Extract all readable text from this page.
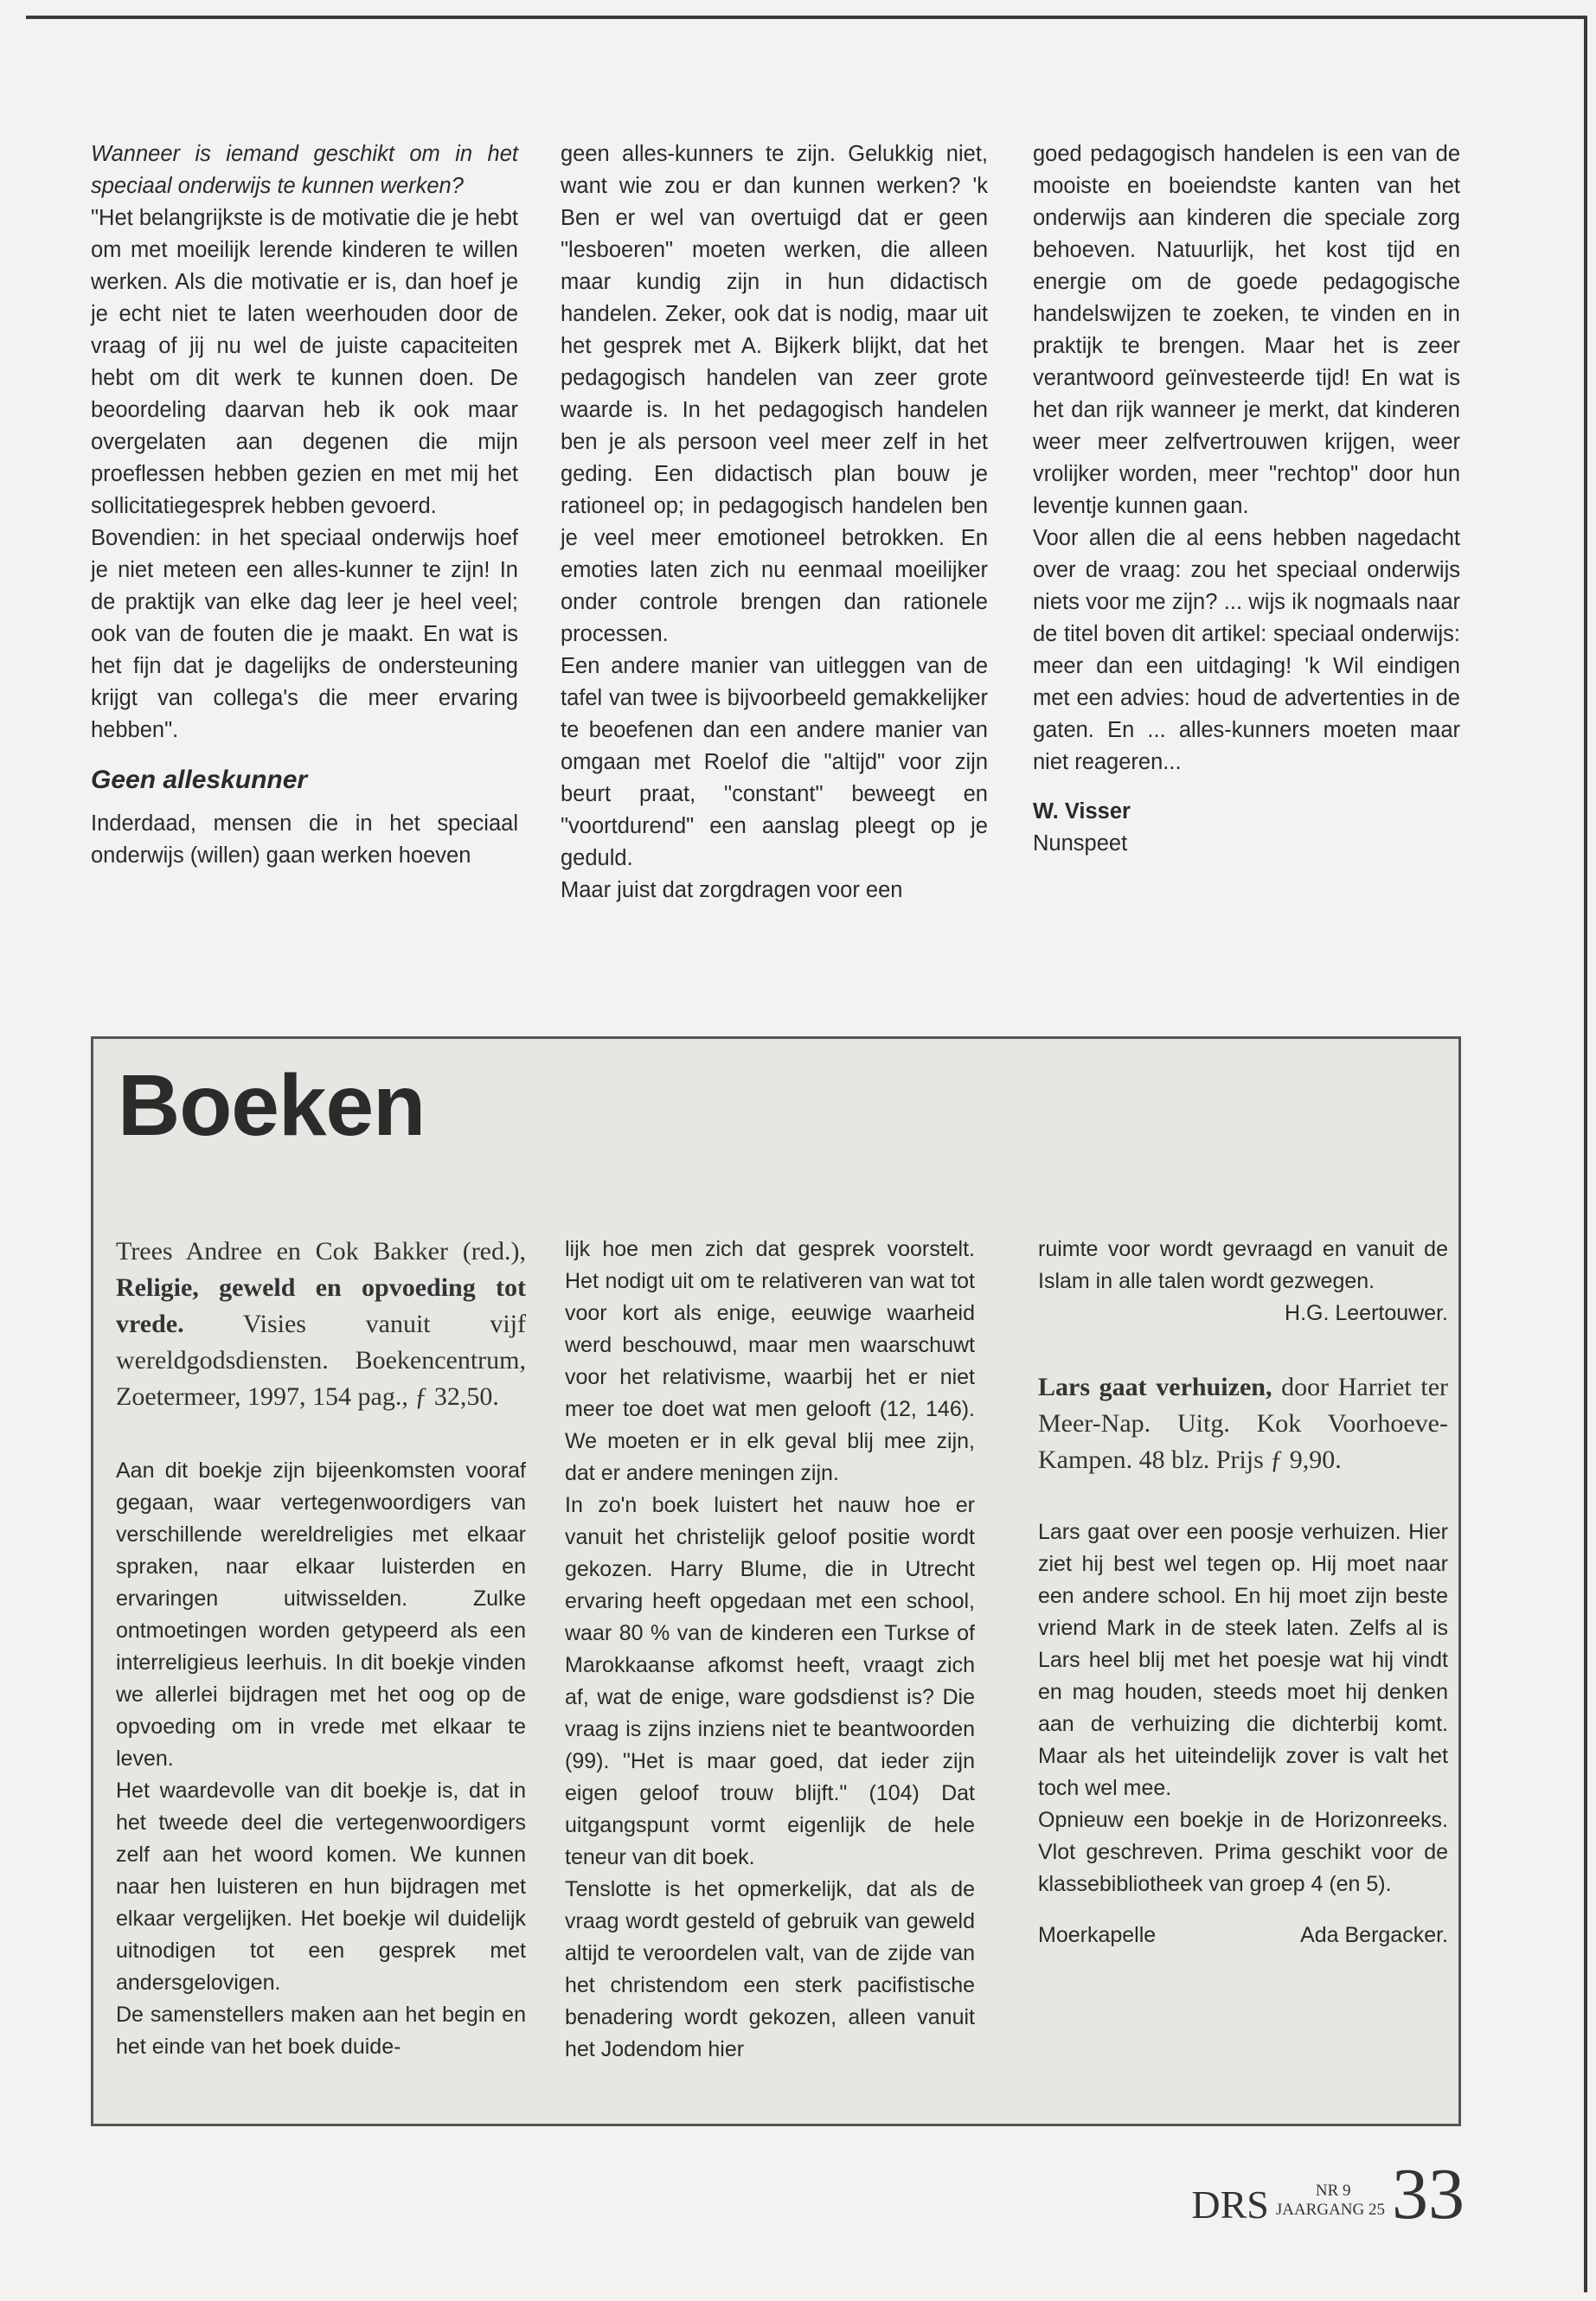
Wanneer is iemand geschikt om in het speciaal onderwijs te kunnen werken?

"Het belangrijkste is de motivatie die je hebt om met moeilijk lerende kinderen te willen werken. Als die motivatie er is, dan hoef je je echt niet te laten weerhouden door de vraag of jij nu wel de juiste capaciteiten hebt om dit werk te kunnen doen. De beoordeling daarvan heb ik ook maar overgelaten aan degenen die mijn proeflessen hebben gezien en met mij het sollicitatiegesprek hebben gevoerd.

Bovendien: in het speciaal onderwijs hoef je niet meteen een alles-kunner te zijn! In de praktijk van elke dag leer je heel veel; ook van de fouten die je maakt. En wat is het fijn dat je dagelijks de ondersteuning krijgt van collega's die meer ervaring hebben".

Geen alleskunner

Inderdaad, mensen die in het speciaal onderwijs (willen) gaan werken hoeven

geen alles-kunners te zijn. Gelukkig niet, want wie zou er dan kunnen werken? 'k Ben er wel van overtuigd dat er geen "lesboeren" moeten werken, die alleen maar kundig zijn in hun didactisch handelen. Zeker, ook dat is nodig, maar uit het gesprek met A. Bijkerk blijkt, dat het pedagogisch handelen van zeer grote waarde is. In het pedagogisch handelen ben je als persoon veel meer zelf in het geding. Een didactisch plan bouw je rationeel op; in pedagogisch handelen ben je veel meer emotioneel betrokken. En emoties laten zich nu eenmaal moeilijker onder controle brengen dan rationele processen.

Een andere manier van uitleggen van de tafel van twee is bijvoorbeeld gemakkelijker te beoefenen dan een andere manier van omgaan met Roelof die "altijd" voor zijn beurt praat, "constant" beweegt en "voortdurend" een aanslag pleegt op je geduld.

Maar juist dat zorgdragen voor een

goed pedagogisch handelen is een van de mooiste en boeiendste kanten van het onderwijs aan kinderen die speciale zorg behoeven. Natuurlijk, het kost tijd en energie om de goede pedagogische handelswijzen te zoeken, te vinden en in praktijk te brengen. Maar het is zeer verantwoord geïnvesteerde tijd! En wat is het dan rijk wanneer je merkt, dat kinderen weer meer zelfvertrouwen krijgen, weer vrolijker worden, meer "rechtop" door hun leventje kunnen gaan.

Voor allen die al eens hebben nagedacht over de vraag: zou het speciaal onderwijs niets voor me zijn? ... wijs ik nogmaals naar de titel boven dit artikel: speciaal onderwijs: meer dan een uitdaging! 'k Wil eindigen met een advies: houd de advertenties in de gaten. En ... alles-kunners moeten maar niet reageren...

W. Visser

Nunspeet

Boeken

Trees Andree en Cok Bakker (red.), Religie, geweld en opvoeding tot vrede. Visies vanuit vijf wereldgodsdiensten. Boekencentrum, Zoetermeer, 1997, 154 pag., ƒ 32,50.

Aan dit boekje zijn bijeenkomsten vooraf gegaan, waar vertegenwoordigers van verschillende wereldreligies met elkaar spraken, naar elkaar luisterden en ervaringen uitwisselden. Zulke ontmoetingen worden getypeerd als een interreligieus leerhuis. In dit boekje vinden we allerlei bijdragen met het oog op de opvoeding om in vrede met elkaar te leven.

Het waardevolle van dit boekje is, dat in het tweede deel die vertegenwoordigers zelf aan het woord komen. We kunnen naar hen luisteren en hun bijdragen met elkaar vergelijken. Het boekje wil duidelijk uitnodigen tot een gesprek met andersgelovigen.

De samenstellers maken aan het begin en het einde van het boek duide-

lijk hoe men zich dat gesprek voorstelt. Het nodigt uit om te relativeren van wat tot voor kort als enige, eeuwige waarheid werd beschouwd, maar men waarschuwt voor het relativisme, waarbij het er niet meer toe doet wat men gelooft (12, 146). We moeten er in elk geval blij mee zijn, dat er andere meningen zijn.

In zo'n boek luistert het nauw hoe er vanuit het christelijk geloof positie wordt gekozen. Harry Blume, die in Utrecht ervaring heeft opgedaan met een school, waar 80 % van de kinderen een Turkse of Marokkaanse afkomst heeft, vraagt zich af, wat de enige, ware godsdienst is? Die vraag is zijns inziens niet te beantwoorden (99). "Het is maar goed, dat ieder zijn eigen geloof trouw blijft." (104) Dat uitgangspunt vormt eigenlijk de hele teneur van dit boek.

Tenslotte is het opmerkelijk, dat als de vraag wordt gesteld of gebruik van geweld altijd te veroordelen valt, van de zijde van het christendom een sterk pacifistische benadering wordt gekozen, alleen vanuit het Jodendom hier

ruimte voor wordt gevraagd en vanuit de Islam in alle talen wordt gezwegen.

H.G. Leertouwer.

Lars gaat verhuizen, door Harriet ter Meer-Nap. Uitg. Kok Voorhoeve-Kampen. 48 blz. Prijs ƒ 9,90.

Lars gaat over een poosje verhuizen. Hier ziet hij best wel tegen op. Hij moet naar een andere school. En hij moet zijn beste vriend Mark in de steek laten. Zelfs al is Lars heel blij met het poesje wat hij vindt en mag houden, steeds moet hij denken aan de verhuizing die dichterbij komt. Maar als het uiteindelijk zover is valt het toch wel mee.

Opnieuw een boekje in de Horizonreeks. Vlot geschreven. Prima geschikt voor de klassebibliotheek van groep 4 (en 5).

Moerkapelle	Ada Bergacker.

DRS	NR 9
JAARGANG 25 33
